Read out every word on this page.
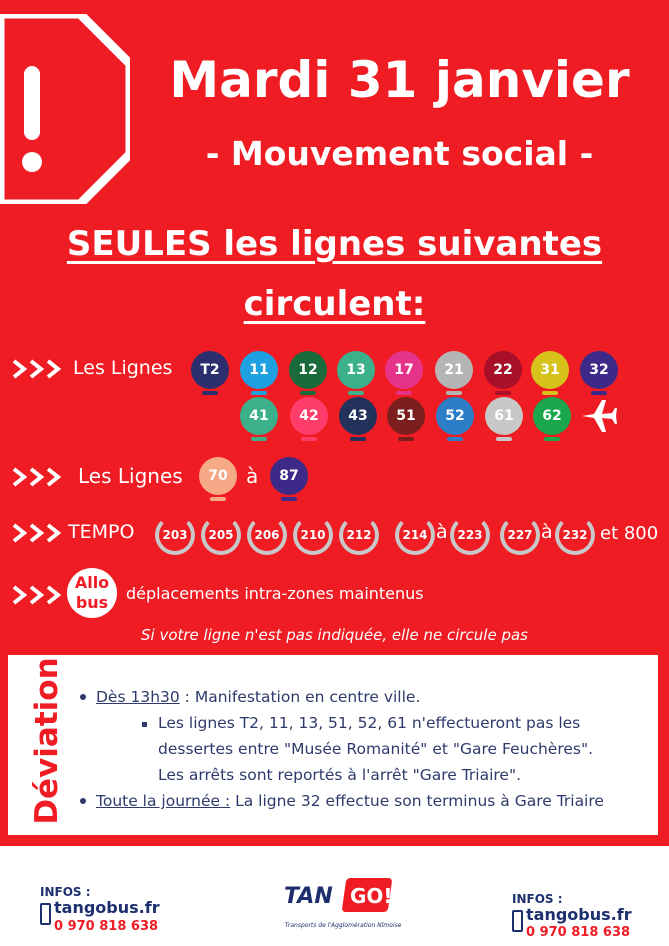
Mardi 31 janvier
- Mouvement social -
SEULES les lignes suivantes
circulent:
Les Lignes T2 11 12 13 17 21 22 31 32
41 42 43 51 52 61 62
Les Lignes 70 à 87
TEMPO 203 205 206 210 212	214 à 223 227 à 232 et 800
Allo
bus	déplacements intra-zones maintenus
Si votre ligne n'est pas indiquée, elle ne circule pas
Déviation Dès 13h30 : Manifestation en centre ville.
Les lignes T2, 11, 13, 51, 52, 61 n'effectueront pas les
dessertes entre "Musée Romanité" et "Gare Feuchères".
Les arrêts sont reportés à l'arrêt "Gare Triaire".
Toute la journée : La ligne 32 effectue son terminus à Gare Triaire
INFOS :
tangobus.fr
0 970 818 638
TAN GO!
Transports de l'Agglomération Nîmoise
INFOS :
tangobus.fr
0 970 818 638
